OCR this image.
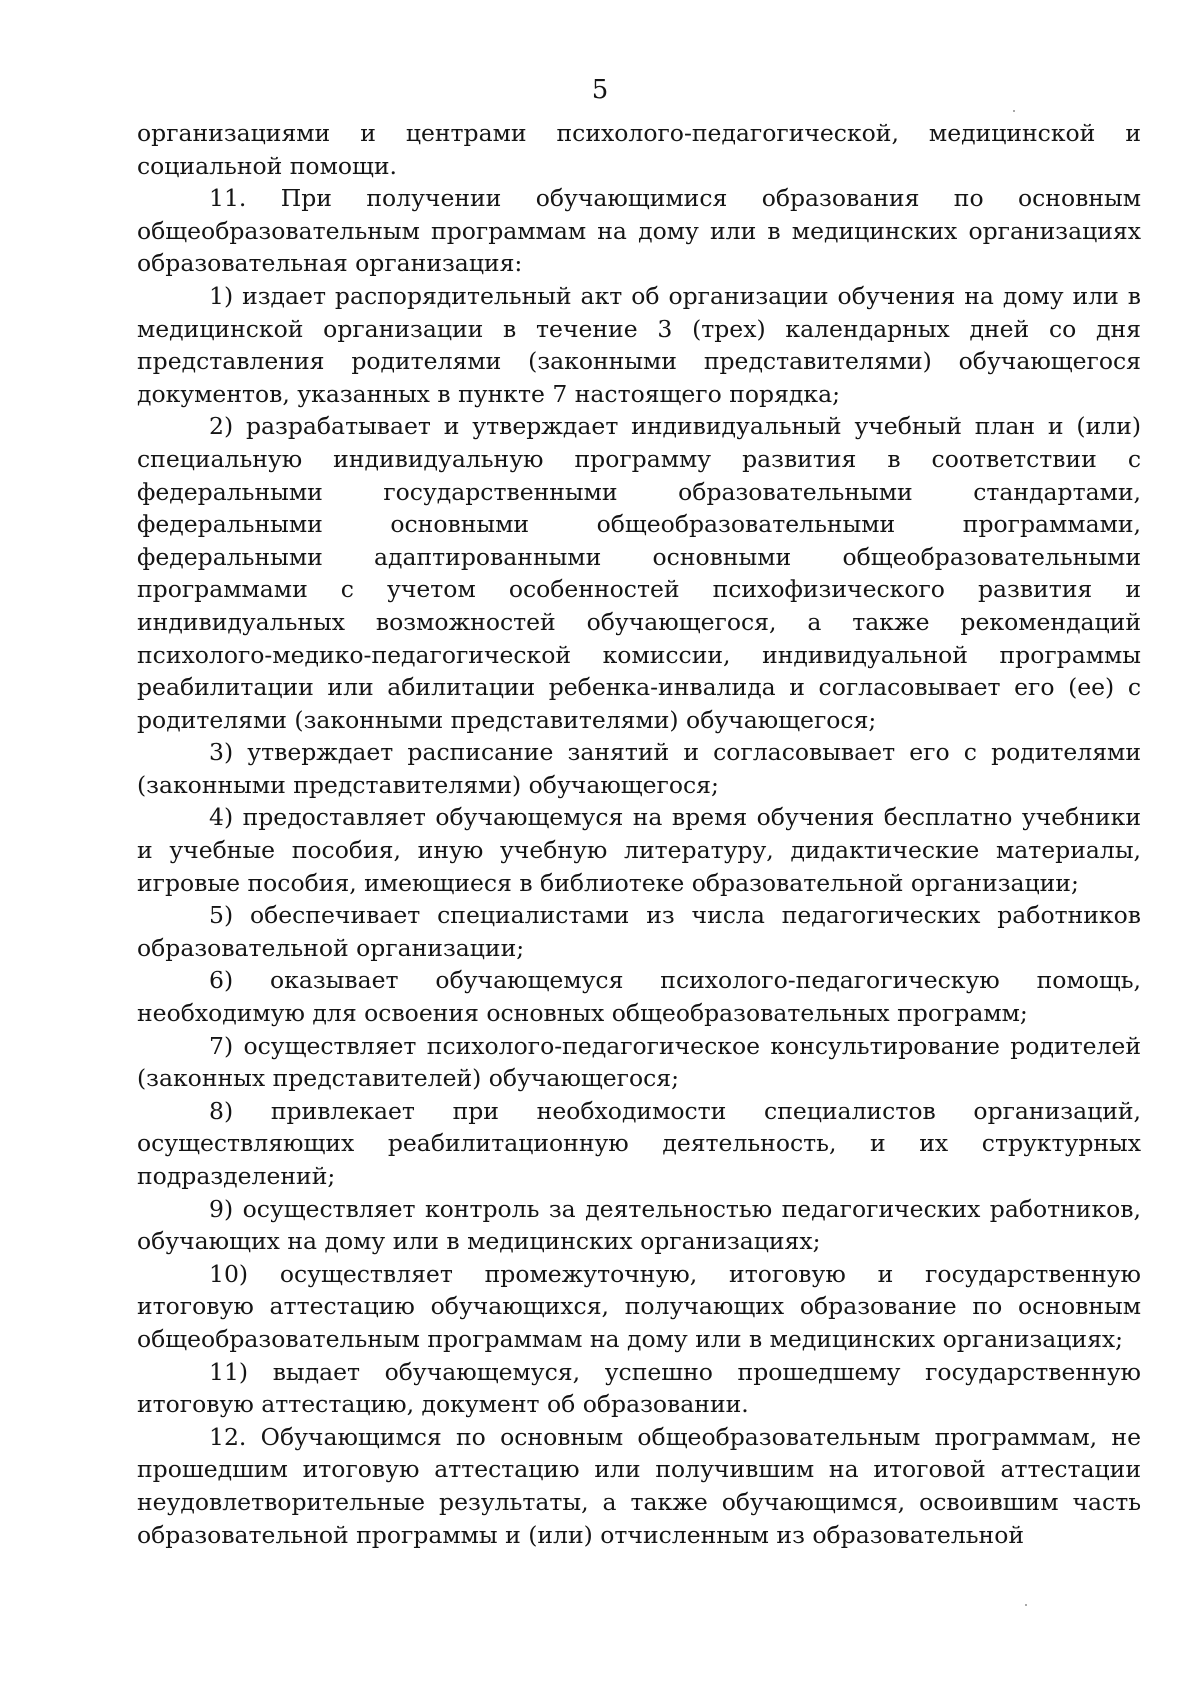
5

организациями и центрами психолого-педагогической, медицинской и социальной помощи.

11. При получении обучающимися образования по основным общеобразовательным программам на дому или в медицинских организациях образовательная организация:

1) издает распорядительный акт об организации обучения на дому или в медицинской организации в течение 3 (трех) календарных дней со дня представления родителями (законными представителями) обучающегося документов, указанных в пункте 7 настоящего порядка;

2) разрабатывает и утверждает индивидуальный учебный план и (или) специальную индивидуальную программу развития в соответствии с федеральными государственными образовательными стандартами, федеральными основными общеобразовательными программами, федеральными адаптированными основными общеобразовательными программами с учетом особенностей психофизического развития и индивидуальных возможностей обучающегося, а также рекомендаций психолого-медико-педагогической комиссии, индивидуальной программы реабилитации или абилитации ребенка-инвалида и согласовывает его (ее) с родителями (законными представителями) обучающегося;

3) утверждает расписание занятий и согласовывает его с родителями (законными представителями) обучающегося;

4) предоставляет обучающемуся на время обучения бесплатно учебники и учебные пособия, иную учебную литературу, дидактические материалы, игровые пособия, имеющиеся в библиотеке образовательной организации;

5) обеспечивает специалистами из числа педагогических работников образовательной организации;

6) оказывает обучающемуся психолого-педагогическую помощь, необходимую для освоения основных общеобразовательных программ;

7) осуществляет психолого-педагогическое консультирование родителей (законных представителей) обучающегося;

8) привлекает при необходимости специалистов организаций, осуществляющих реабилитационную деятельность, и их структурных подразделений;

9) осуществляет контроль за деятельностью педагогических работников, обучающих на дому или в медицинских организациях;

10) осуществляет промежуточную, итоговую и государственную итоговую аттестацию обучающихся, получающих образование по основным общеобразовательным программам на дому или в медицинских организациях;

11) выдает обучающемуся, успешно прошедшему государственную итоговую аттестацию, документ об образовании.

12. Обучающимся по основным общеобразовательным программам, не прошедшим итоговую аттестацию или получившим на итоговой аттестации неудовлетворительные результаты, а также обучающимся, освоившим часть образовательной программы и (или) отчисленным из образовательной
